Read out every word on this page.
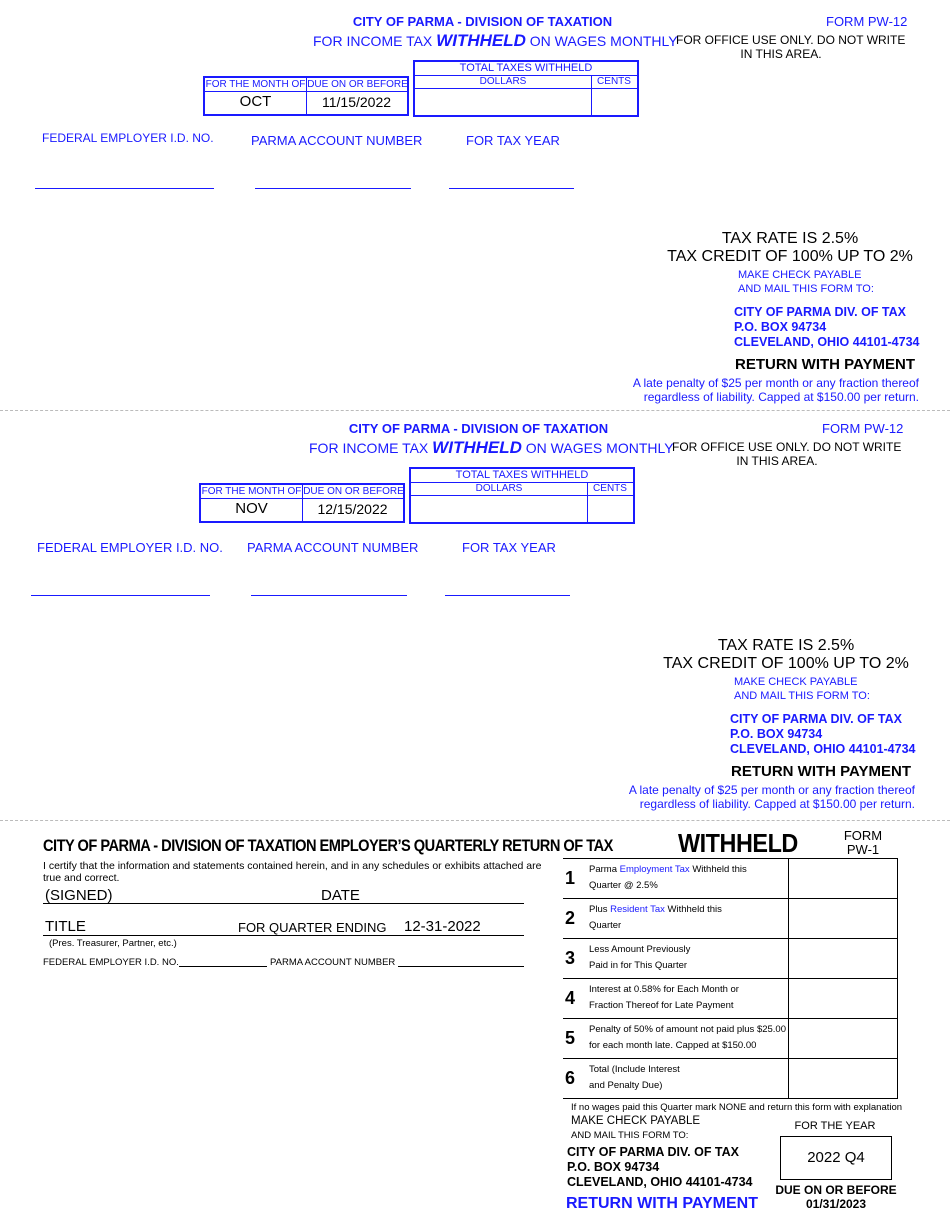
CITY OF PARMA - DIVISION OF TAXATION
FOR INCOME TAX WITHHELD ON WAGES MONTHLY
FORM PW-12
FOR OFFICE USE ONLY. DO NOT WRITE
IN THIS AREA.
FOR THE MONTH OF DUE ON OR BEFORE
OCT	11/15/2022
TOTAL TAXES WITHHELD
DOLLARS	CENTS
FEDERAL EMPLOYER I.D. NO.	PARMA ACCOUNT NUMBER	FOR TAX YEAR
TAX RATE IS 2.5%
TAX CREDIT OF 100% UP TO 2%
MAKE CHECK PAYABLE
AND MAIL THIS FORM TO:
CITY OF PARMA DIV. OF TAX
P.O. BOX 94734
CLEVELAND, OHIO 44101-4734
RETURN WITH PAYMENT
A late penalty of $25 per month or any fraction thereof
regardless of liability. Capped at $150.00 per return.
CITY OF PARMA - DIVISION OF TAXATION
FOR INCOME TAX WITHHELD ON WAGES MONTHLY
FORM PW-12
FOR OFFICE USE ONLY. DO NOT WRITE
IN THIS AREA.
FOR THE MONTH OF DUE ON OR BEFORE
NOV	12/15/2022
TOTAL TAXES WITHHELD
DOLLARS	CENTS
FEDERAL EMPLOYER I.D. NO. PARMA ACCOUNT NUMBER	FOR TAX YEAR
TAX RATE IS 2.5%
TAX CREDIT OF 100% UP TO 2%
MAKE CHECK PAYABLE
AND MAIL THIS FORM TO:
CITY OF PARMA DIV. OF TAX
P.O. BOX 94734
CLEVELAND, OHIO 44101-4734
RETURN WITH PAYMENT
A late penalty of $25 per month or any fraction thereof
regardless of liability. Capped at $150.00 per return.
CITY OF PARMA - DIVISION OF TAXATION EMPLOYER’S QUARTERLY RETURN OF TAX	WITHHELD	FORM
PW-1
I certify that the information and statements contained herein, and in any schedules or exhibits attached are
true and correct.
(SIGNED)	DATE
TITLE	FOR QUARTER ENDING 12-31-2022
(Pres. Treasurer, Partner, etc.)
FEDERAL EMPLOYER I.D. NO.	PARMA ACCOUNT NUMBER
1 Parma Employment Tax Withheld this
Quarter @ 2.5%
2 Plus Resident Tax Withheld this
Quarter
3 Less Amount Previously
Paid in for This Quarter
4 Interest at 0.58% for Each Month or
Fraction Thereof for Late Payment
5 Penalty of 50% of amount not paid plus $25.00
for each month late. Capped at $150.00
6 Total (Include Interest
and Penalty Due)
If no wages paid this Quarter mark NONE and return this form with explanation
MAKE CHECK PAYABLE
AND MAIL THIS FORM TO:
CITY OF PARMA DIV. OF TAX
P.O. BOX 94734
CLEVELAND, OHIO 44101-4734
RETURN WITH PAYMENT
FOR THE YEAR
2022 Q4
DUE ON OR BEFORE
01/31/2023
